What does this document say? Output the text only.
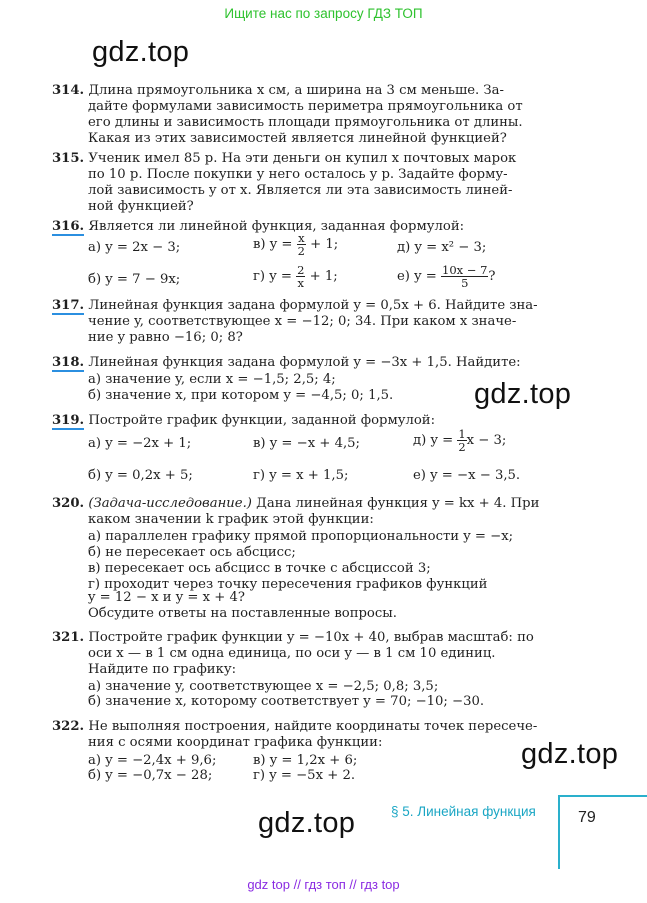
Ищите нас по запросу ГДЗ ТОП
gdz.top
gdz.top
gdz.top
gdz.top
314. Длина прямоугольника x см, а ширина на 3 см меньше. За-
дайте формулами зависимость периметра прямоугольника от
его длины и зависимость площади прямоугольника от длины.
Какая из этих зависимостей является линейной функцией?
315. Ученик имел 85 р. На эти деньги он купил x почтовых марок
по 10 р. После покупки у него осталось y р. Задайте форму-
лой зависимость y от x. Является ли эта зависимость линей-
ной функцией?
316. Является ли линейной функция, заданная формулой:
а) y = 2x − 3;	в) $y = \frac{x}{2} + 1$;	д) y = x² − 3;
б) y = 7 − 9x;	г) $y = \frac{2}{x} + 1$;	е) $y = \frac{10x - 7}{5}$ ?
317. Линейная функция задана формулой y = 0,5x + 6. Найдите зна-
чение y, соответствующее x = −12; 0; 34. При каком x значе-
ние y равно −16; 0; 8?
318. Линейная функция задана формулой y = −3x + 1,5. Найдите:
а) значение y, если x = −1,5; 2,5; 4;
б) значение x, при котором y = −4,5; 0; 1,5.
319. Постройте график функции, заданной формулой:
а) y = −2x + 1;	в) y = −x + 4,5;	д) $y = \frac{1}{2}$ x − 3;
б) y = 0,2x + 5;	г) y = x + 1,5;	е) y = −x − 3,5.
320. (Задача-исследование.) Дана линейная функция y = kx + 4. При
каком значении k график этой функции:
а) параллелен графику прямой пропорциональности y = −x;
б) не пересекает ось абсцисс;
в) пересекает ось абсцисс в точке с абсциссой 3;
г) проходит через точку пересечения графиков функций
y = 12 − x и y = x + 4?
Обсудите ответы на поставленные вопросы.
321. Постройте график функции y = −10x + 40, выбрав масштаб: по
оси x — в 1 см одна единица, по оси y — в 1 см 10 единиц.
Найдите по графику:
а) значение y, соответствующее x = −2,5; 0,8; 3,5;
б) значение x, которому соответствует y = 70; −10; −30.
322. Не выполняя построения, найдите координаты точек пересече-
ния с осями координат графика функции:
а) y = −2,4x + 9,6;	в) y = 1,2x + 6;
б) y = −0,7x − 28;	г) y = −5x + 2.
§ 5. Линейная функция	79
gdz top // гдз топ // гдз top
